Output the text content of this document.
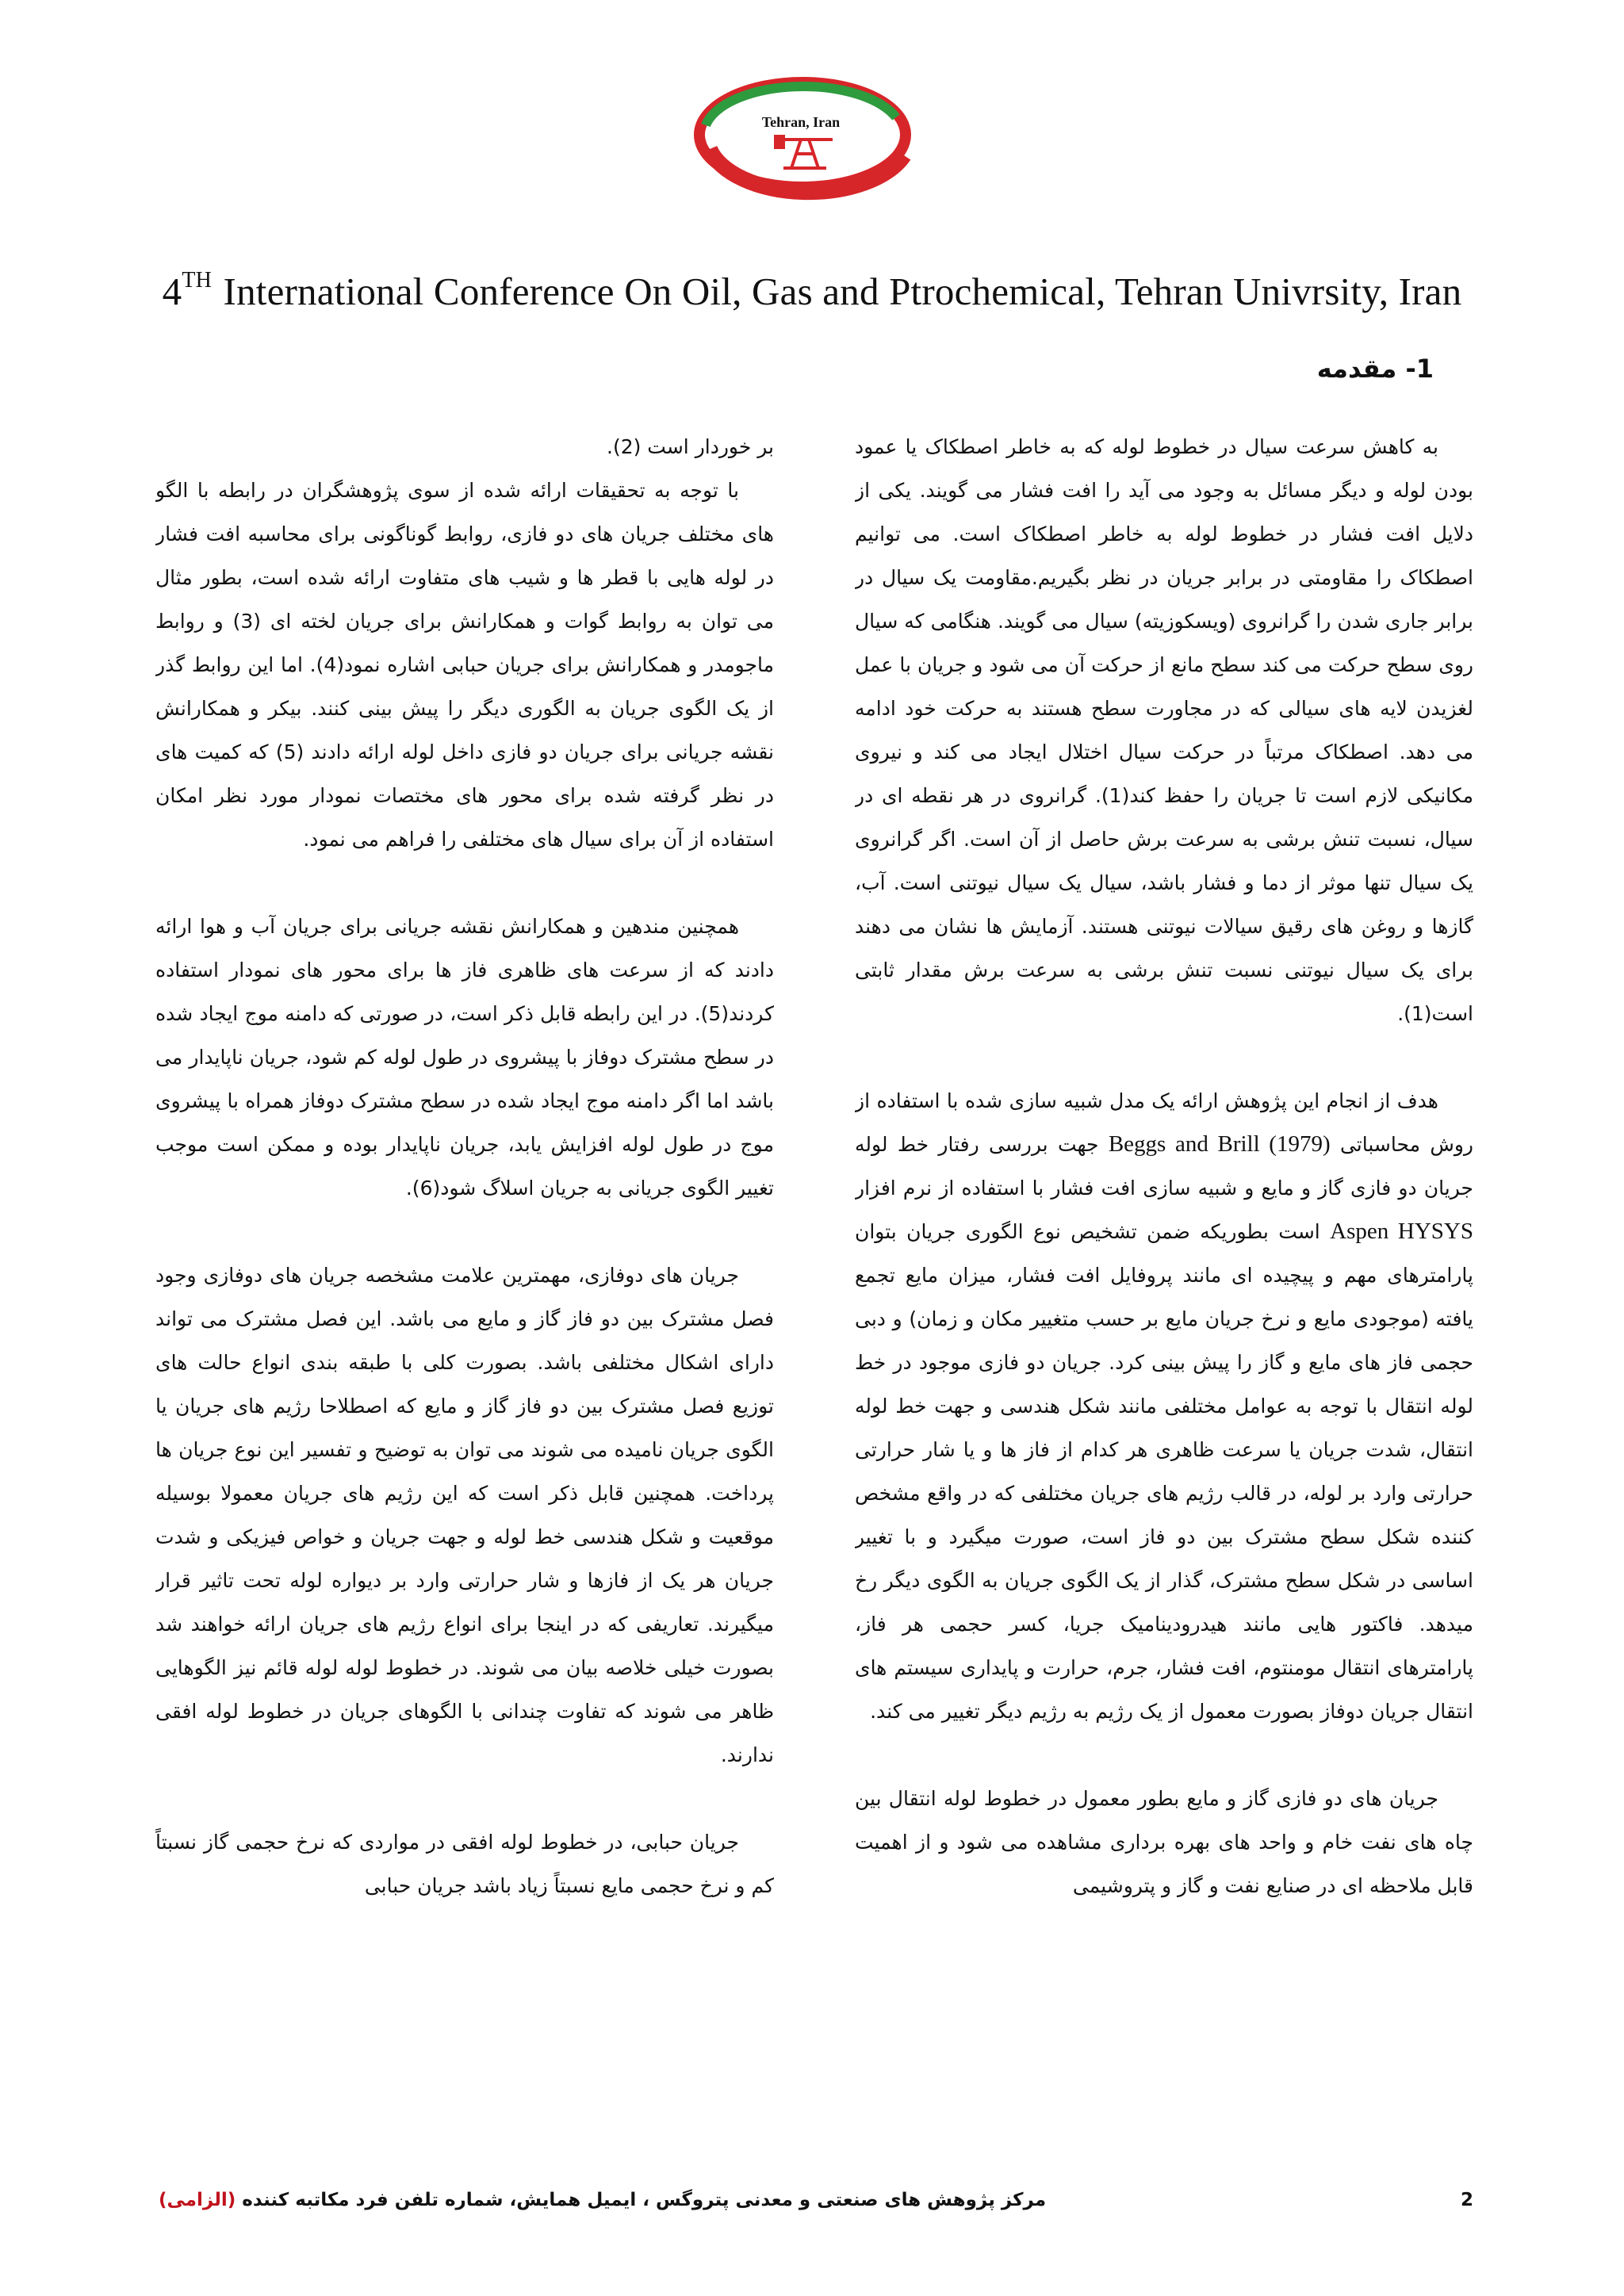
Tehran, Iran
4TH International Conference On Oil, Gas and Ptrochemical, Tehran Univrsity, Iran
1- مقدمه

به کاهش سرعت سیال در خطوط لوله که به خاطر اصطکاک یا عمود بودن لوله و دیگر مسائل به وجود می آید را افت فشار می گویند. یکی از دلایل افت فشار در خطوط لوله به خاطر اصطکاک است. می توانیم اصطکاک را مقاومتی در برابر جریان در نظر بگیریم.مقاومت یک سیال در برابر جاری شدن را گرانروی (ویسکوزیته) سیال می گویند. هنگامی که سیال روی سطح حرکت می کند سطح مانع از حرکت آن می شود و جریان با عمل لغزیدن لایه های سیالی که در مجاورت سطح هستند به حرکت خود ادامه می دهد. اصطکاک مرتباً در حرکت سیال اختلال ایجاد می کند و نیروی مکانیکی لازم است تا جریان را حفظ کند(1). گرانروی در هر نقطه ای در سیال، نسبت تنش برشی به سرعت برش حاصل از آن است. اگر گرانروی یک سیال تنها موثر از دما و فشار باشد، سیال یک سیال نیوتنی است. آب، گازها و روغن های رقیق سیالات نیوتنی هستند. آزمایش ها نشان می دهند برای یک سیال نیوتنی نسبت تنش برشی به سرعت برش مقدار ثابتی است(1).

هدف از انجام این پژوهش ارائه یک مدل شبیه سازی شده با استفاده از روش محاسباتی Beggs and Brill (1979) جهت بررسی رفتار خط لوله جریان دو فازی گاز و مایع و شبیه سازی افت فشار با استفاده از نرم افزار Aspen HYSYS است بطوریکه ضمن تشخیص نوع الگوری جریان بتوان پارامترهای مهم و پیچیده ای مانند پروفایل افت فشار، میزان مایع تجمع یافته (موجودی مایع و نرخ جریان مایع بر حسب متغییر مکان و زمان) و دبی حجمی فاز های مایع و گاز را پیش بینی کرد. جریان دو فازی موجود در خط لوله انتقال با توجه به عوامل مختلفی مانند شکل هندسی و جهت خط لوله انتقال، شدت جریان یا سرعت ظاهری هر کدام از فاز ها و یا شار حرارتی حرارتی وارد بر لوله، در قالب رژیم های جریان مختلفی که در واقع مشخص کننده شکل سطح مشترک بین دو فاز است، صورت میگیرد و با تغییر اساسی در شکل سطح مشترک، گذار از یک الگوی جریان به الگوی دیگر رخ میدهد. فاکتور هایی مانند هیدرودینامیک جریا، کسر حجمی هر فاز، پارامترهای انتقال مومنتوم، افت فشار، جرم، حرارت و پایداری سیستم های انتقال جریان دوفاز بصورت معمول از یک رژیم به رژیم دیگر تغییر می کند.

جریان های دو فازی گاز و مایع بطور معمول در خطوط لوله انتقال بین چاه های نفت خام و واحد های بهره برداری مشاهده می شود و از اهمیت قابل ملاحظه ای در صنایع نفت و گاز و پتروشیمی

بر خوردار است (2).

با توجه به تحقیقات ارائه شده از سوی پژوهشگران در رابطه با الگو های مختلف جریان های دو فازی، روابط گوناگونی برای محاسبه افت فشار در لوله هایی با قطر ها و شیب های متفاوت ارائه شده است، بطور مثال می توان به روابط گوات و همکارانش برای جریان لخته ای (3) و روابط ماجومدر و همکارانش برای جریان حبابی اشاره نمود(4). اما این روابط گذر از یک الگوی جریان به الگوری دیگر را پیش بینی کنند. بیکر و همکارانش نقشه جریانی برای جریان دو فازی داخل لوله ارائه دادند (5) که کمیت های در نظر گرفته شده برای محور های مختصات نمودار مورد نظر امکان استفاده از آن برای سیال های مختلفی را فراهم می نمود.

همچنین مندهین و همکارانش نقشه جریانی برای جریان آب و هوا ارائه دادند که از سرعت های ظاهری فاز ها برای محور های نمودار استفاده کردند(5). در این رابطه قابل ذکر است، در صورتی که دامنه موج ایجاد شده در سطح مشترک دوفاز با پیشروی در طول لوله کم شود، جریان ناپایدار می باشد اما اگر دامنه موج ایجاد شده در سطح مشترک دوفاز همراه با پیشروی موج در طول لوله افزایش یابد، جریان ناپایدار بوده و ممکن است موجب تغییر الگوی جریانی به جریان اسلاگ شود(6).

جریان های دوفازی، مهمترین علامت مشخصه جریان های دوفازی وجود فصل مشترک بین دو فاز گاز و مایع می باشد. این فصل مشترک می تواند دارای اشکال مختلفی باشد. بصورت کلی با طبقه بندی انواع حالت های توزیع فصل مشترک بین دو فاز گاز و مایع که اصطلاحا رژیم های جریان یا الگوی جریان نامیده می شوند می توان به توضیح و تفسیر این نوع جریان ها پرداخت. همچنین قابل ذکر است که این رژیم های جریان معمولا بوسیله موقعیت و شکل هندسی خط لوله و جهت جریان و خواص فیزیکی و شدت جریان هر یک از فازها و شار حرارتی وارد بر دیواره لوله تحت تاثیر قرار میگیرند. تعاریفی که در اینجا برای انواع رژیم های جریان ارائه خواهند شد بصورت خیلی خلاصه بیان می شوند. در خطوط لوله لوله قائم نیز الگوهایی ظاهر می شوند که تفاوت چندانی با الگوهای جریان در خطوط لوله افقی ندارند.

جریان حبابی، در خطوط لوله افقی در مواردی که نرخ حجمی گاز نسبتاً کم و نرخ حجمی مایع نسبتاً زیاد باشد جریان حبابی

مرکز پژوهش های صنعتی و معدنی پتروگس ، ایمیل همایش، شماره تلفن فرد مکاتبه کننده (الزامی)	2
